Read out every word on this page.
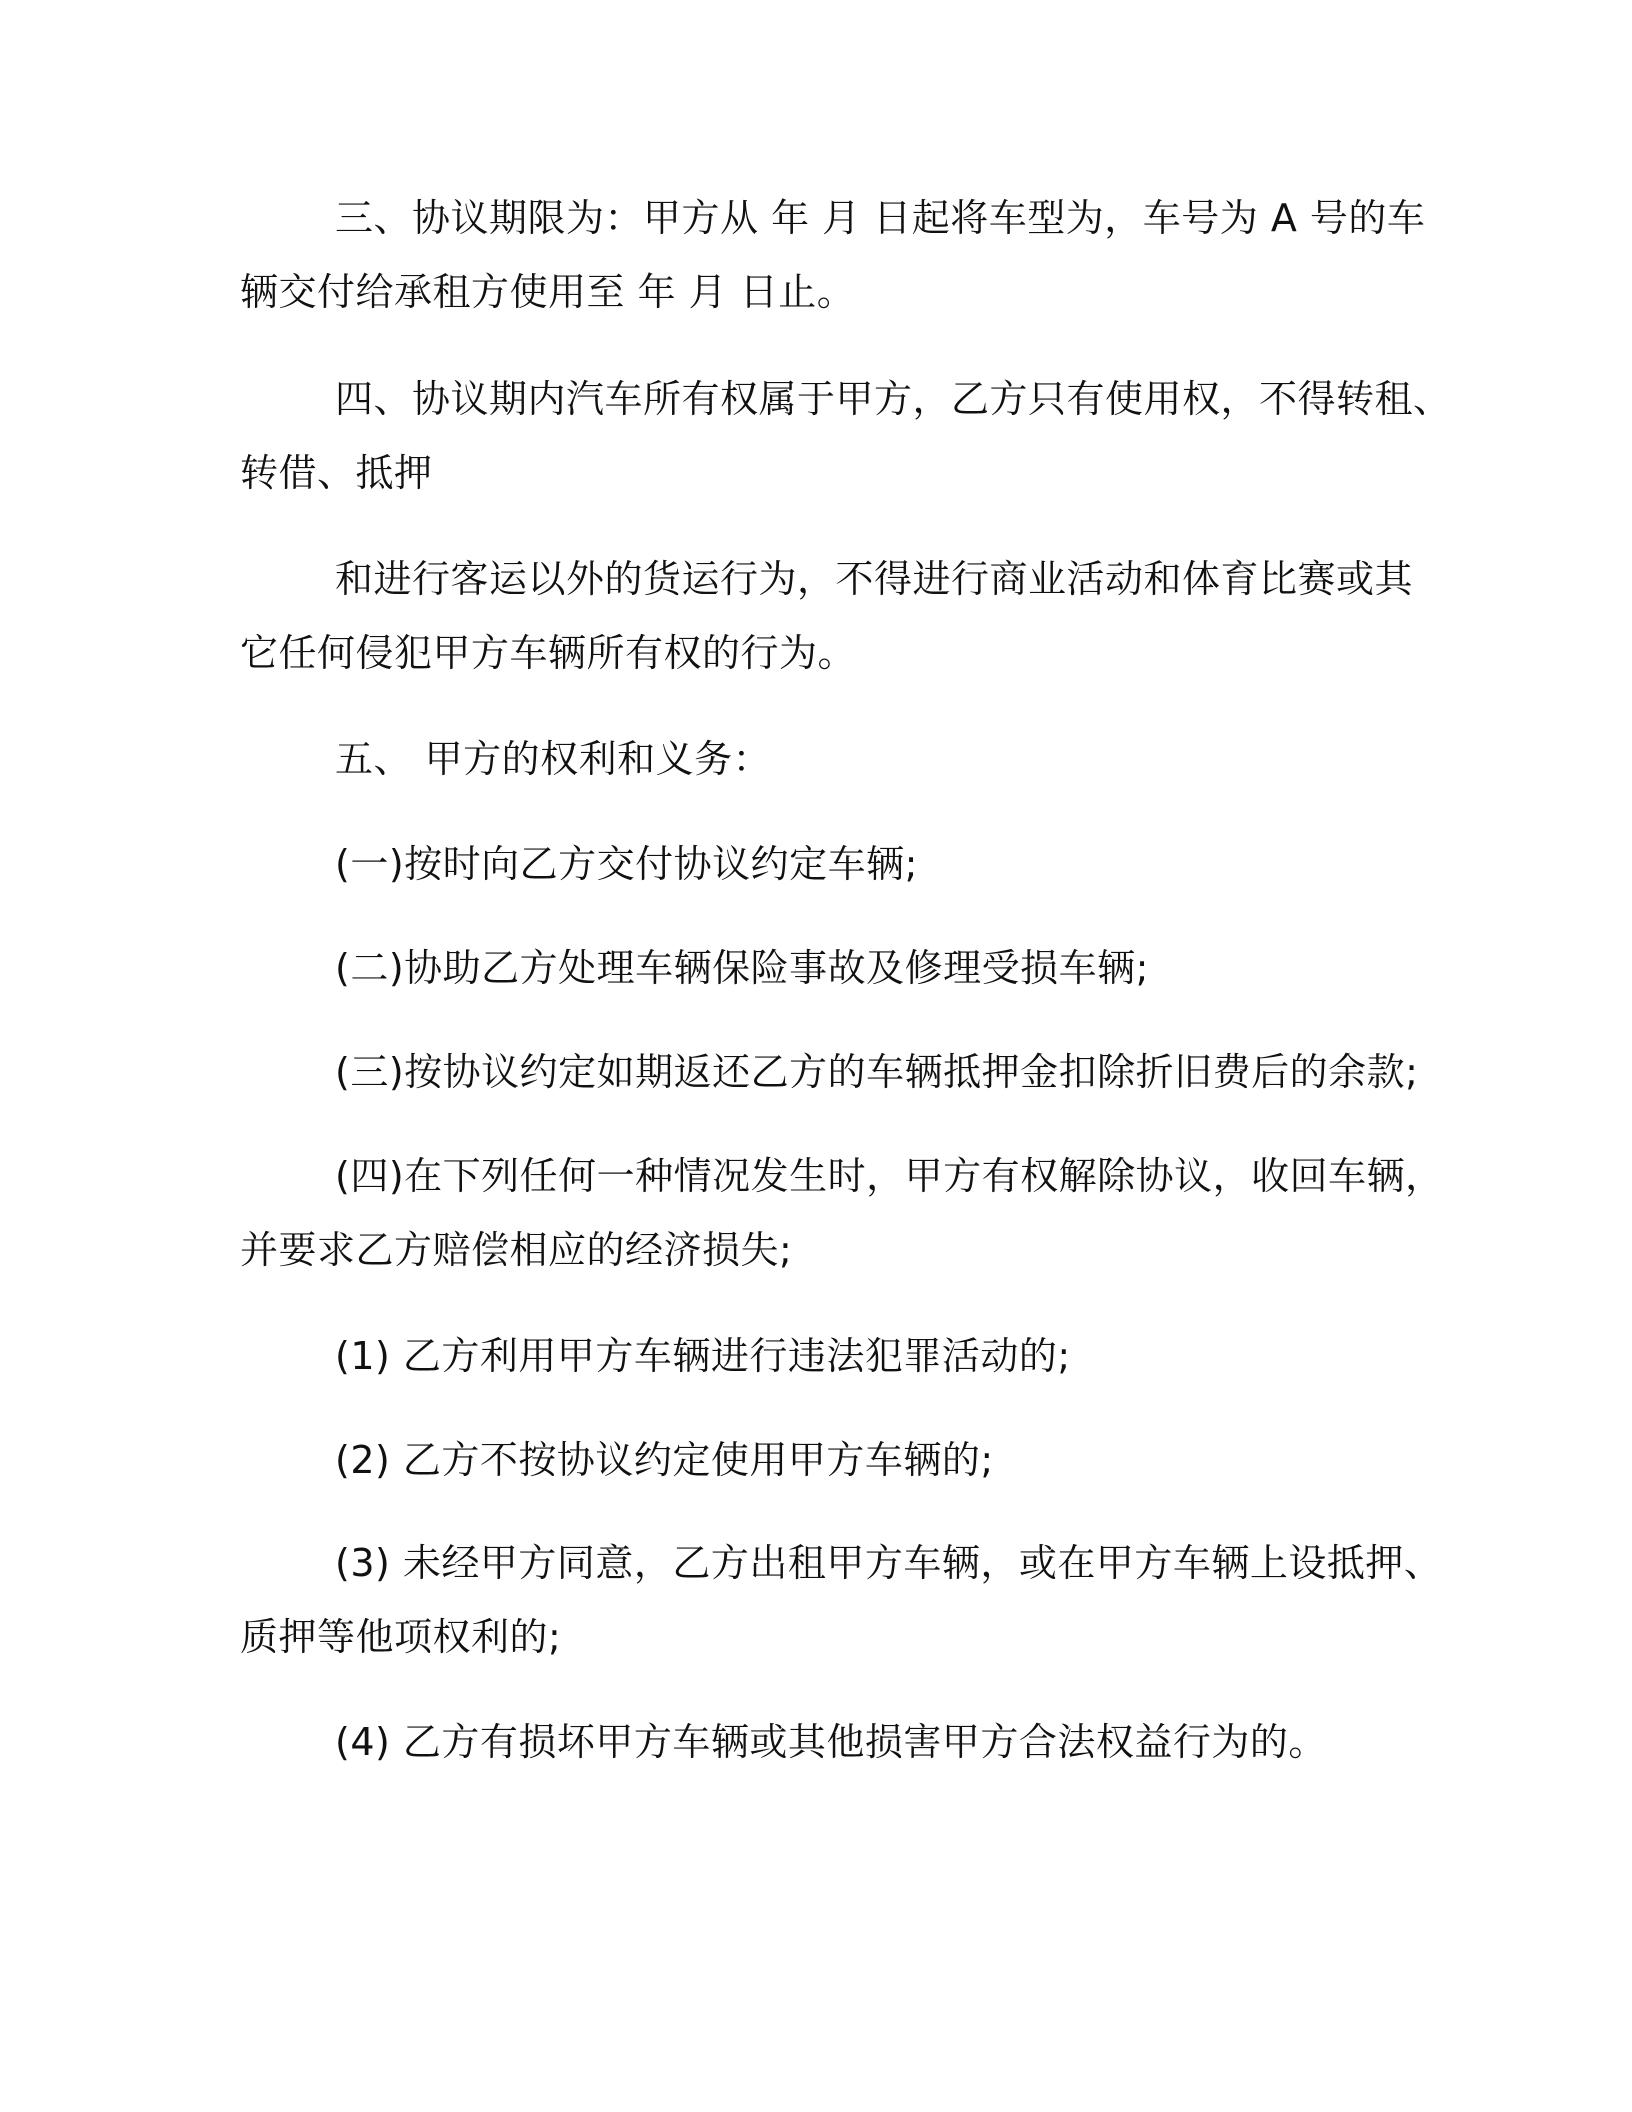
三、协议期限为：甲方从 年 月 日起将车型为，车号为 A 号的车
辆交付给承租方使用至 年 月 日止。
四、协议期内汽车所有权属于甲方，乙方只有使用权，不得转租、
转借、抵押
和进行客运以外的货运行为，不得进行商业活动和体育比赛或其
它任何侵犯甲方车辆所有权的行为。
五、 甲方的权利和义务：
(一)按时向乙方交付协议约定车辆;
(二)协助乙方处理车辆保险事故及修理受损车辆;
(三)按协议约定如期返还乙方的车辆抵押金扣除折旧费后的余款;
(四)在下列任何一种情况发生时，甲方有权解除协议，收回车辆，
并要求乙方赔偿相应的经济损失;
(1) 乙方利用甲方车辆进行违法犯罪活动的;
(2) 乙方不按协议约定使用甲方车辆的;
(3) 未经甲方同意，乙方出租甲方车辆，或在甲方车辆上设抵押、
质押等他项权利的;
(4) 乙方有损坏甲方车辆或其他损害甲方合法权益行为的。
